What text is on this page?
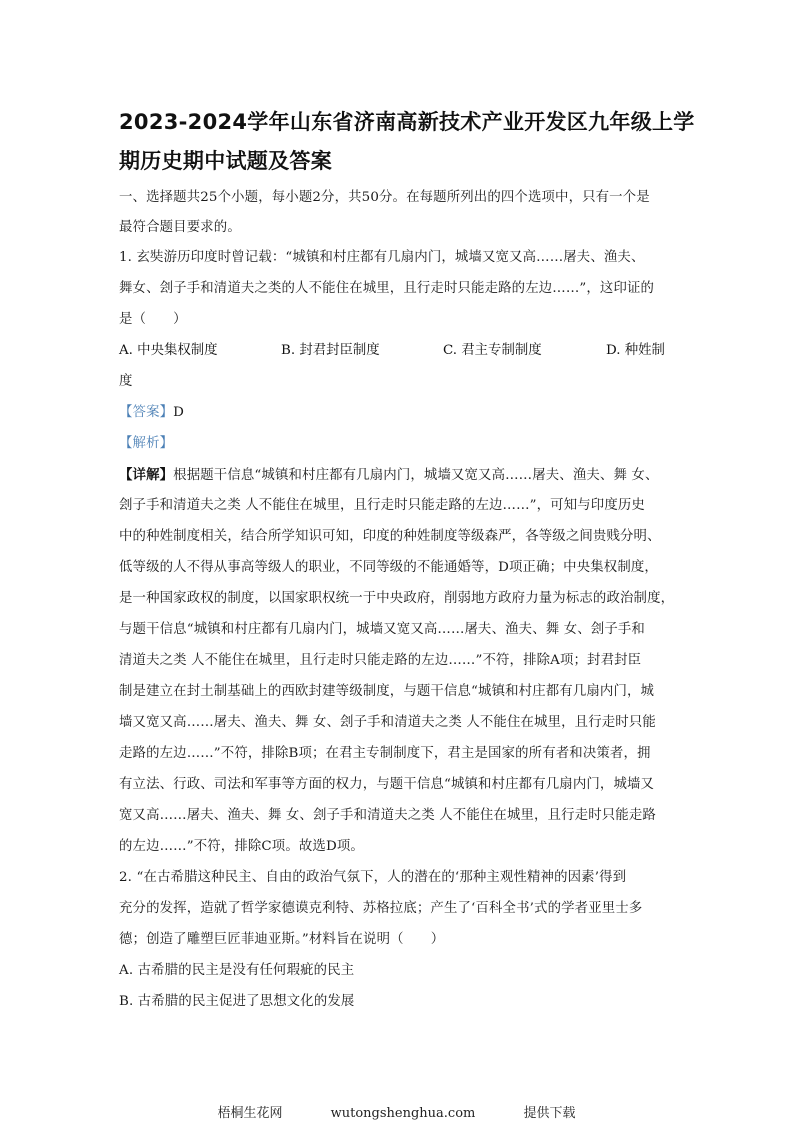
2023-2024学年山东省济南高新技术产业开发区九年级上学
期历史期中试题及答案
一、选择题共25个小题，每小题2分，共50分。在每题所列出的四个选项中，只有一个是
最符合题目要求的。
1. 玄奘游历印度时曾记载：“城镇和村庄都有几扇内门，城墙又宽又高……屠夫、渔夫、
舞女、刽子手和清道夫之类的人不能住在城里，且行走时只能走路的左边……”，这印证的
是（　　）
A. 中央集权制度	B. 封君封臣制度	C. 君主专制制度	D. 种姓制
度
【答案】D
【解析】
【详解】根据题干信息“城镇和村庄都有几扇内门，城墙又宽又高……屠夫、渔夫、舞 女、
刽子手和清道夫之类 人不能住在城里，且行走时只能走路的左边……”，可知与印度历史
中的种姓制度相关，结合所学知识可知，印度的种姓制度等级森严，各等级之间贵贱分明、
低等级的人不得从事高等级人的职业，不同等级的不能通婚等，D项正确；中央集权制度，
是一种国家政权的制度，以国家职权统一于中央政府，削弱地方政府力量为标志的政治制度，
与题干信息“城镇和村庄都有几扇内门，城墙又宽又高……屠夫、渔夫、舞 女、刽子手和
清道夫之类 人不能住在城里，且行走时只能走路的左边……”不符，排除A项；封君封臣
制是建立在封土制基础上的西欧封建等级制度，与题干信息“城镇和村庄都有几扇内门，城
墙又宽又高……屠夫、渔夫、舞 女、刽子手和清道夫之类 人不能住在城里，且行走时只能
走路的左边……”不符，排除B项；在君主专制制度下，君主是国家的所有者和决策者，拥
有立法、行政、司法和军事等方面的权力，与题干信息“城镇和村庄都有几扇内门，城墙又
宽又高……屠夫、渔夫、舞 女、刽子手和清道夫之类 人不能住在城里，且行走时只能走路
的左边……”不符，排除C项。故选D项。
2. “在古希腊这种民主、自由的政治气氛下，人的潜在的‘那种主观性精神的因素’得到
充分的发挥，造就了哲学家德谟克利特、苏格拉底；产生了‘百科全书’式的学者亚里士多
德；创造了雕塑巨匠菲迪亚斯。”材料旨在说明（　　）
A. 古希腊的民主是没有任何瑕疵的民主
B. 古希腊的民主促进了思想文化的发展
梧桐生花网	wutongshenghua.com	提供下载
